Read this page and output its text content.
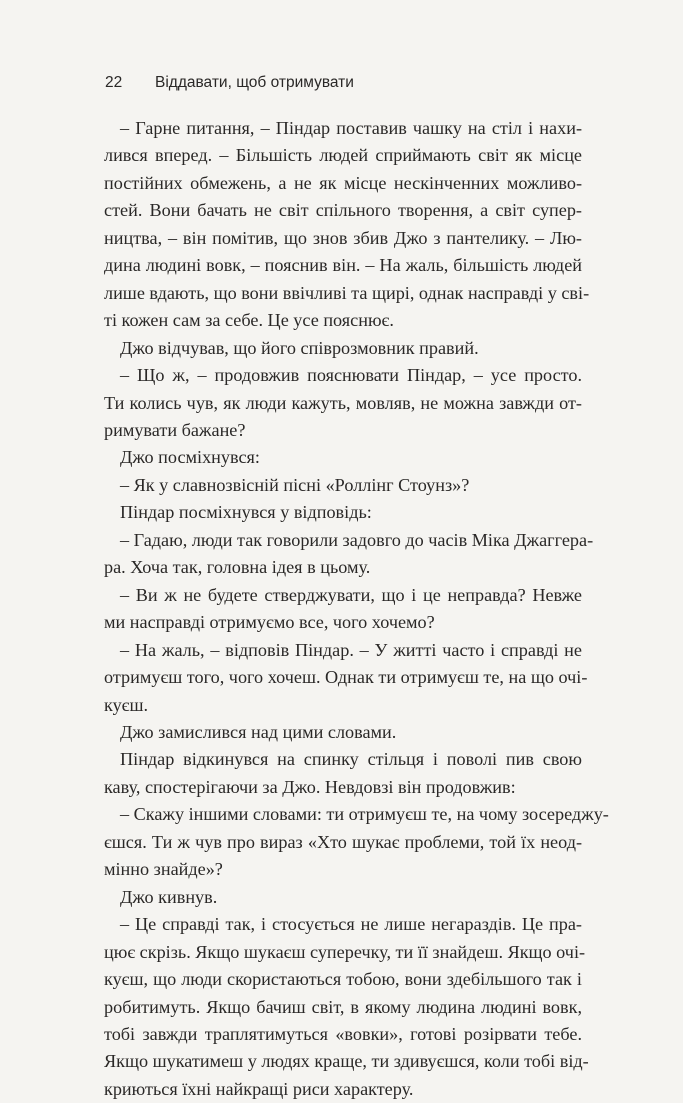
22 Віддавати, щоб отримувати
– Гарне питання, – Піндар поставив чашку на стіл і нахи-
лився вперед. – Більшість людей сприймають світ як місце
постійних обмежень, а не як місце нескінченних можливо-
стей. Вони бачать не світ спільного творення, а світ супер-
ництва, – він помітив, що знов збив Джо з пантелику. – Лю-
дина людині вовк, – пояснив він. – На жаль, більшість людей
лише вдають, що вони ввічливі та щирі, однак насправді у сві-
ті кожен сам за себе. Це усе пояснює.
Джо відчував, що його співрозмовник правий.
– Що ж, – продовжив пояснювати Піндар, – усе просто.
Ти колись чув, як люди кажуть, мовляв, не можна завжди от-
римувати бажане?
Джо посміхнувся:
– Як у славнозвісній пісні «Роллінг Стоунз»?
Піндар посміхнувся у відповідь:
– Гадаю, люди так говорили задовго до часів Міка Джаггера-
ра. Хоча так, головна ідея в цьому.
– Ви ж не будете стверджувати, що і це неправда? Невже
ми насправді отримуємо все, чого хочемо?
– На жаль, – відповів Піндар. – У житті часто і справді не
отримуєш того, чого хочеш. Однак ти отримуєш те, на що очі-
куєш.
Джо замислився над цими словами.
Піндар відкинувся на спинку стільця і поволі пив свою
каву, спостерігаючи за Джо. Невдовзі він продовжив:
– Скажу іншими словами: ти отримуєш те, на чому зосереджу-
єшся. Ти ж чув про вираз «Хто шукає проблеми, той їх неод-
мінно знайде»?
Джо кивнув.
– Це справді так, і стосується не лише негараздів. Це пра-
цює скрізь. Якщо шукаєш суперечку, ти її знайдеш. Якщо очі-
куєш, що люди скористаються тобою, вони здебільшого так і
робитимуть. Якщо бачиш світ, в якому людина людині вовк,
тобі завжди траплятимуться «вовки», готові розірвати тебе.
Якщо шукатимеш у людях краще, ти здивуєшся, коли тобі від-
криються їхні найкращі риси характеру.
